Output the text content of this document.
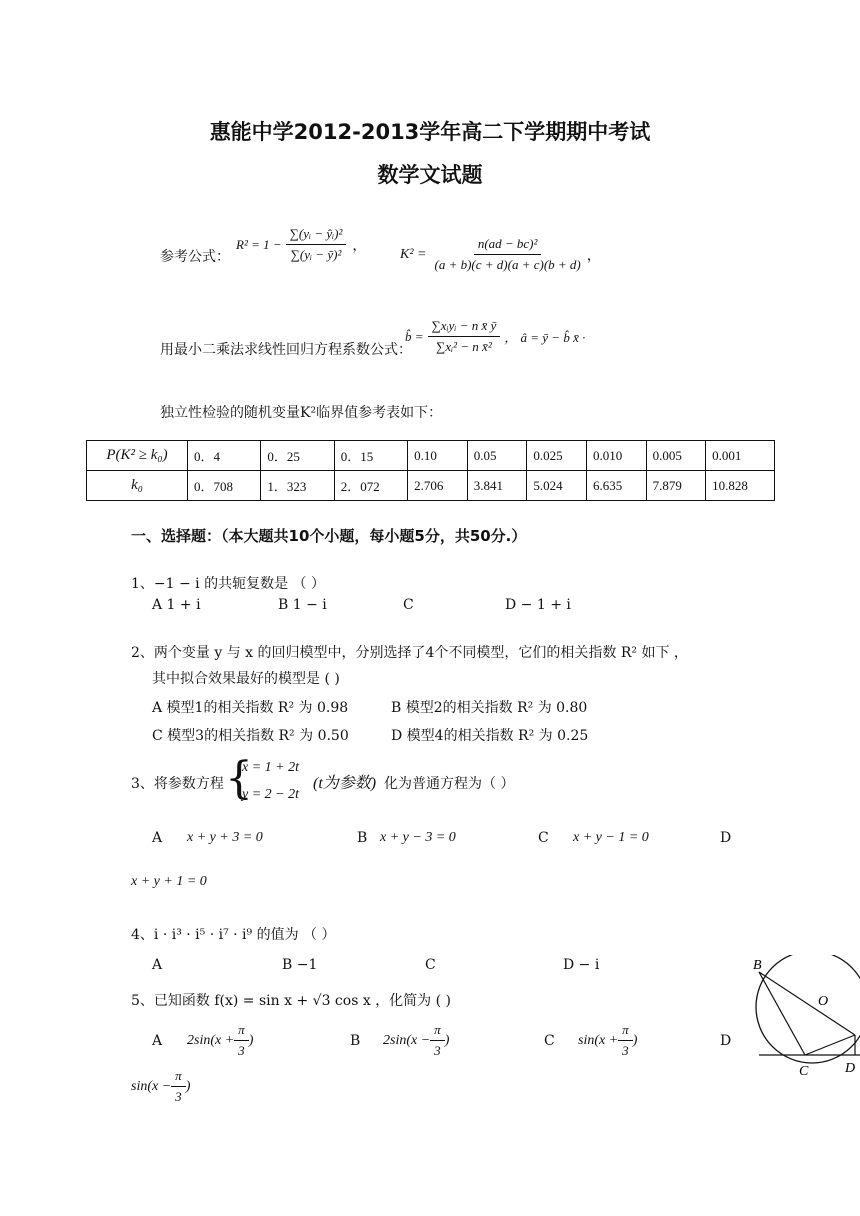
惠能中学2012-2013学年高二下学期期中考试
数学文试题
参考公式：
$R^2 = 1 - \frac{\text{∑(yᵢ − ŷᵢ)²}}{\text{∑(yᵢ − ȳ)²}}$ ，
$K^2 = \frac{\text{n(ad − bc)²}}{(a + b)(c + d)(a + c)(b + d)}$ ，
用最小二乘法求线性回归方程系数公式：
b̂ = $\frac{\text{∑xᵢyᵢ − n x̄ ȳ}}{\text{∑xᵢ² − n x̄²}}$ ， â = ȳ − b̂ x̄ ·
独立性检验的随机变量K²临界值参考表如下：
P(K² ≥ k₀)	0．4	0．25	0．15	0.10	0.05	0.025	0.010	0.005	0.001
k₀	0．708	1．323	2．072	2.706	3.841	5.024	6.635	7.879	10.828
一、选择题：（本大题共10个小题，每小题5分，共50分.）
1、−1 − i 的共轭复数是 （ ）
A 1 + i	B 1 − i	C	D − 1 + i
2、两个变量 y 与 x 的回归模型中，分别选择了4个不同模型，它们的相关指数 R² 如下 ，
其中拟合效果最好的模型是 ( )
A 模型1的相关指数 R² 为 0.98	B 模型2的相关指数 R² 为 0.80
C 模型3的相关指数 R² 为 0.50	D 模型4的相关指数 R² 为 0.25
3、将参数方程 {
x = 1 + 2t
y = 2 − 2t
(t为参数) 化为普通方程为（ ）
A x + y + 3 = 0	B x + y − 3 = 0	C x + y − 1 = 0	D
x + y + 1 = 0
4、i · i³ · i⁵ · i⁷ · i⁹ 的值为 （ ）
A	B −1	C	D − i
5、已知函数 f(x) = sin x + √3 cos x ，化简为 ( )
A $2\sin(x + \frac{\pi}{3}$ )	B $2\sin(x - \frac{\pi}{3}$ )	C $\sin(x + \frac{\pi}{3}$ )	D
$\sin(x - \frac{\pi}{3}$ )
B
O
C	D
